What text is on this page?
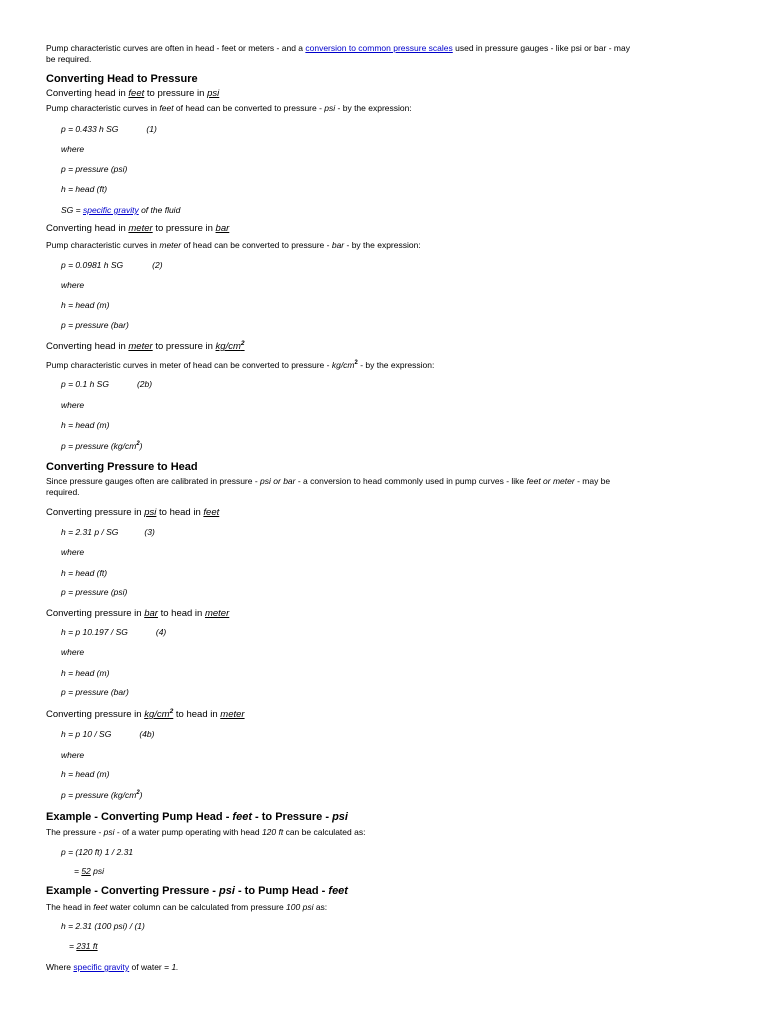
Pump characteristic curves are often in head - feet or meters - and a conversion to common pressure scales used in pressure gauges - like psi or bar - may
be required.
Converting Head to Pressure
Converting head in feet to pressure in psi
Pump characteristic curves in feet of head can be converted to pressure - psi - by the expression:
p = 0.433 h SG	(1)
where
p = pressure (psi)
h = head (ft)
SG = specific gravity of the fluid
Converting head in meter to pressure in bar
Pump characteristic curves in meter of head can be converted to pressure - bar - by the expression:
p = 0.0981 h SG	(2)
where
h = head (m)
p = pressure (bar)
Converting head in meter to pressure in $kg/cm^2$
Pump characteristic curves in meter of head can be converted to pressure - $kg/cm^2$ - by the expression:
p = 0.1 h SG	(2b)
where
h = head (m)
p = pressure $(kg/cm^2)$
Converting Pressure to Head
Since pressure gauges often are calibrated in pressure - psi or bar - a conversion to head commonly used in pump curves - like feet or meter - may be
required.
Converting pressure in psi to head in feet
h = 2.31 p / SG	(3)
where
h = head (ft)
p = pressure (psi)
Converting pressure in bar to head in meter
h = p 10.197 / SG	(4)
where
h = head (m)
p = pressure (bar)
Converting pressure in $kg/cm^2$ to head in meter
h = p 10 / SG	(4b)
where
h = head (m)
p = pressure $(kg/cm^2)$
Example - Converting Pump Head - feet - to Pressure - psi
The pressure - psi - of a water pump operating with head 120 ft can be calculated as:
p = (120 ft) 1 / 2.31
= 52 psi
Example - Converting Pressure - psi - to Pump Head - feet
The head in feet water column can be calculated from pressure 100 psi as:
h = 2.31 (100 psi) / (1)
= 231 ft
Where specific gravity of water = 1.
